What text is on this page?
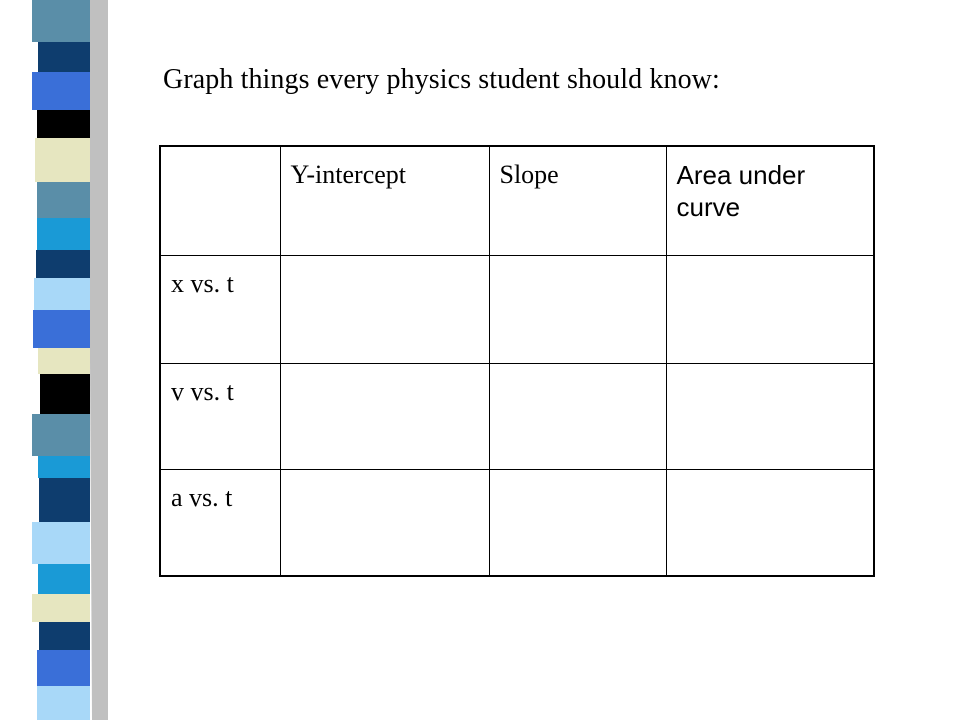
Graph things every physics student should know:
	Y-intercept	Slope	Area under curve
x vs. t			
v vs. t			
a vs. t			
